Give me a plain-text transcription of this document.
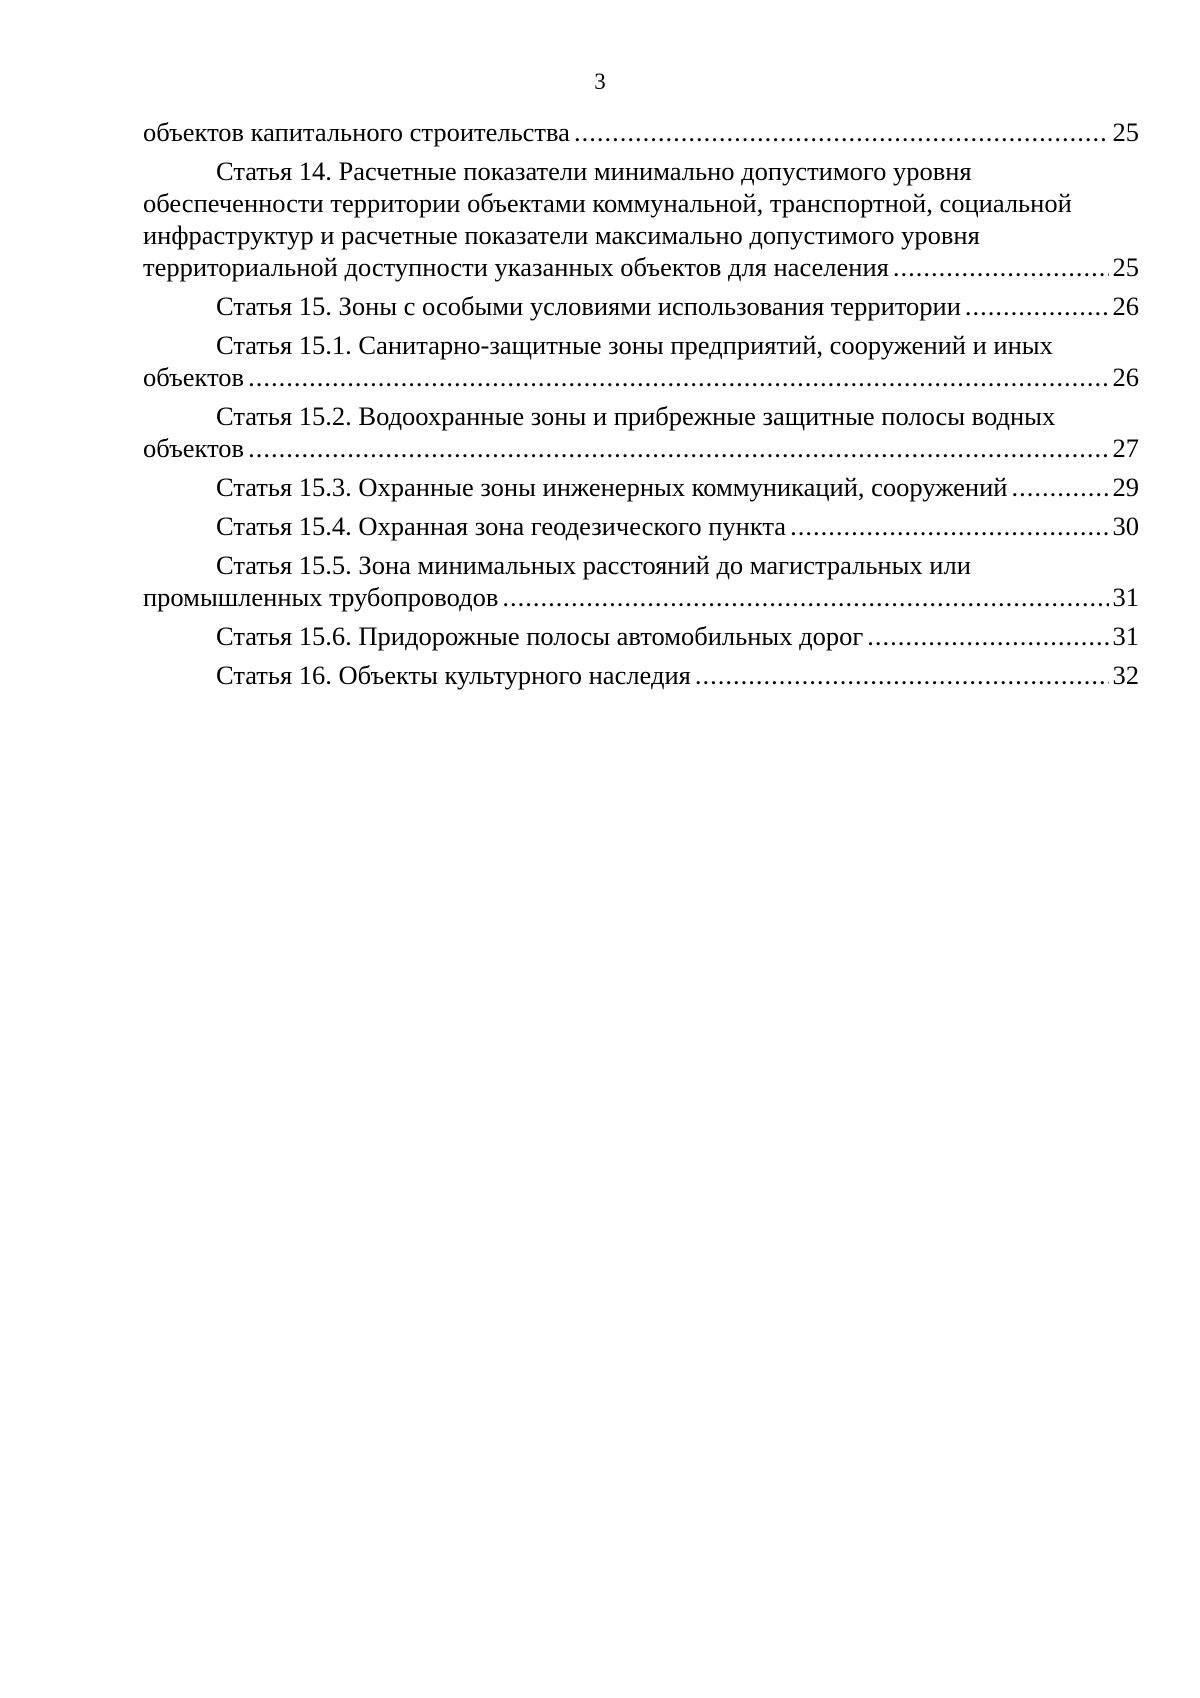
3
объектов капитального строительства .....	25
Статья 14. Расчетные показатели минимально допустимого уровня
обеспеченности территории объектами коммунальной, транспортной, социальной
инфраструктур и расчетные показатели максимально допустимого уровня
территориальной доступности указанных объектов для населения .....	25
Статья 15. Зоны с особыми условиями использования территории .....	26
Статья 15.1. Санитарно-защитные зоны предприятий, сооружений и иных
объектов .....	26
Статья 15.2. Водоохранные зоны и прибрежные защитные полосы водных
объектов .....	27
Статья 15.3. Охранные зоны инженерных коммуникаций, сооружений .....	29
Статья 15.4. Охранная зона геодезического пункта .....	30
Статья 15.5. Зона минимальных расстояний до магистральных или
промышленных трубопроводов .....	31
Статья 15.6. Придорожные полосы автомобильных дорог .....	31
Статья 16. Объекты культурного наследия .....	32
